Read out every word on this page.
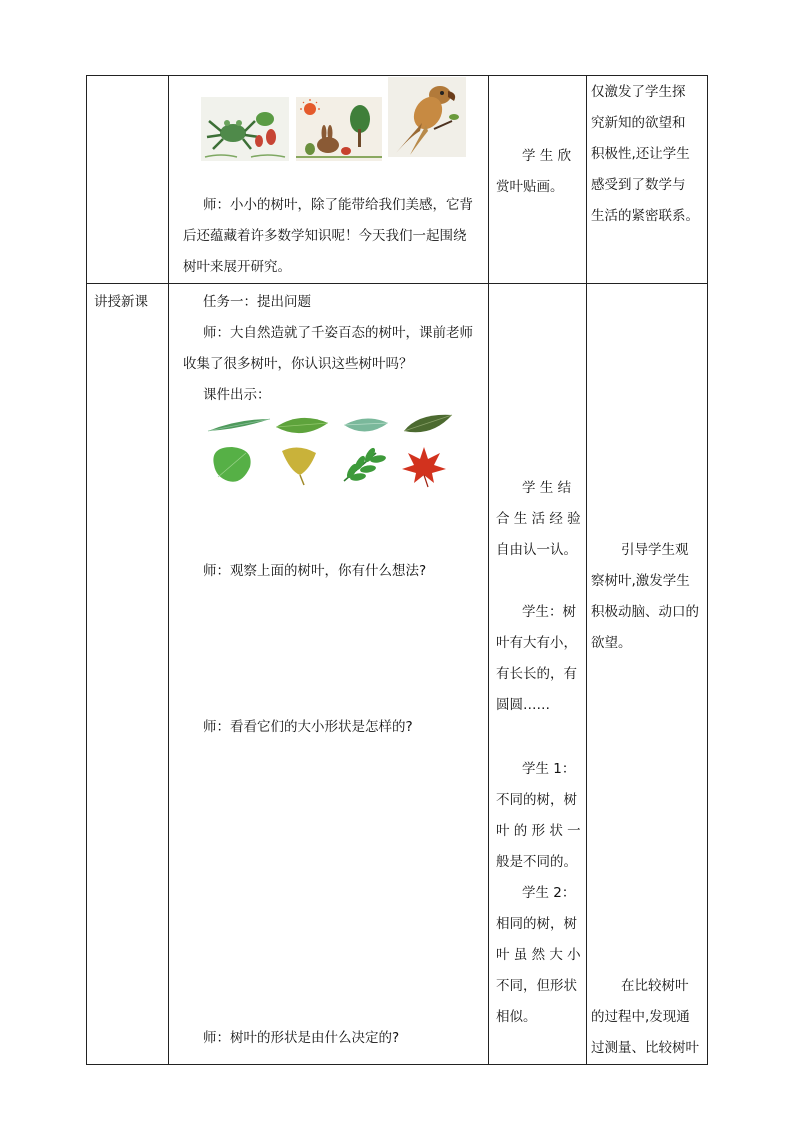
师：小小的树叶，除了能带给我们美感，它背
后还蕴藏着许多数学知识呢！今天我们一起围绕
树叶来展开研究。
学 生 欣
赏叶贴画。
仅激发了学生探
究新知的欲望和
积极性,还让学生
感受到了数学与
生活的紧密联系。
讲授新课	任务一：提出问题
师：大自然造就了千姿百态的树叶，课前老师
收集了很多树叶，你认识这些树叶吗？
课件出示：
师：观察上面的树叶，你有什么想法?
师：看看它们的大小形状是怎样的?
师：树叶的形状是由什么决定的?
学 生 结
合 生 活 经 验
自由认一认。
学生：树
叶有大有小，
有长长的，有
圆圆……
学生 1：
不同的树，树
叶 的 形 状 一
般是不同的。
学生 2：
相同的树，树
叶 虽 然 大 小
不同，但形状
相似。
引导学生观
察树叶,激发学生
积极动脑、动口的
欲望。
在比较树叶
的过程中,发现通
过测量、比较树叶
